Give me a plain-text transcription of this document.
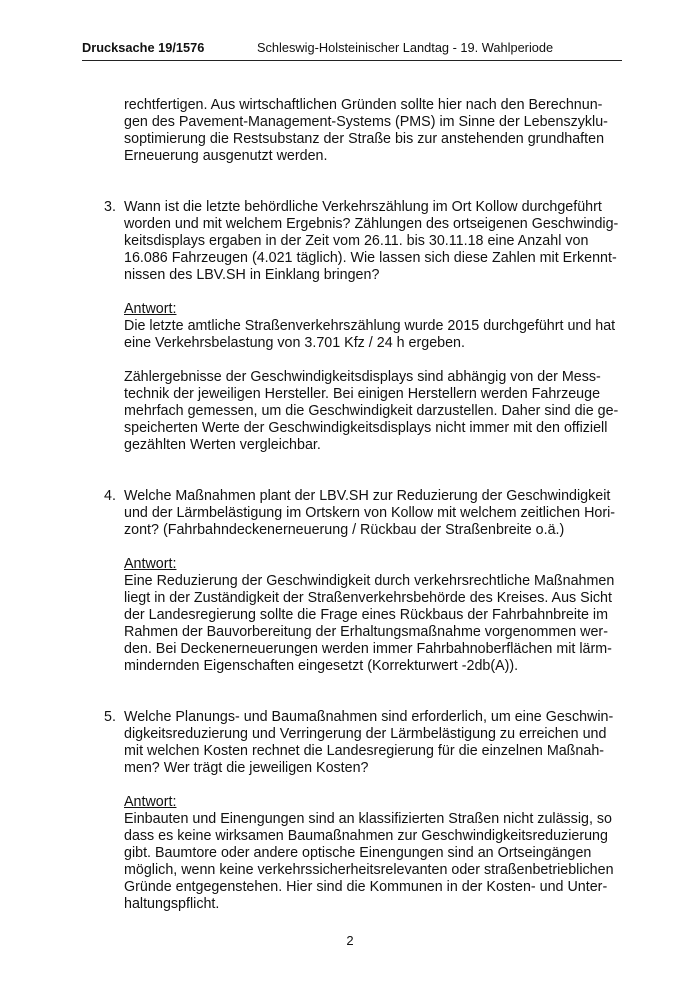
Drucksache 19/1576	Schleswig-Holsteinischer Landtag - 19. Wahlperiode

rechtfertigen. Aus wirtschaftlichen Gründen sollte hier nach den Berechnun-
gen des Pavement-Management-Systems (PMS) im Sinne der Lebenszyklu-
soptimierung die Restsubstanz der Straße bis zur anstehenden grundhaften
Erneuerung ausgenutzt werden.

3. Wann ist die letzte behördliche Verkehrszählung im Ort Kollow durchgeführt
worden und mit welchem Ergebnis? Zählungen des ortseigenen Geschwindig-
keitsdisplays ergaben in der Zeit vom 26.11. bis 30.11.18 eine Anzahl von
16.086 Fahrzeugen (4.021 täglich). Wie lassen sich diese Zahlen mit Erkennt-
nissen des LBV.SH in Einklang bringen?

Antwort:

Die letzte amtliche Straßenverkehrszählung wurde 2015 durchgeführt und hat
eine Verkehrsbelastung von 3.701 Kfz / 24 h ergeben.

Zählergebnisse der Geschwindigkeitsdisplays sind abhängig von der Mess-
technik der jeweiligen Hersteller. Bei einigen Herstellern werden Fahrzeuge
mehrfach gemessen, um die Geschwindigkeit darzustellen. Daher sind die ge-
speicherten Werte der Geschwindigkeitsdisplays nicht immer mit den offiziell
gezählten Werten vergleichbar.

4. Welche Maßnahmen plant der LBV.SH zur Reduzierung der Geschwindigkeit
und der Lärmbelästigung im Ortskern von Kollow mit welchem zeitlichen Hori-
zont? (Fahrbahndeckenerneuerung / Rückbau der Straßenbreite o.ä.)

Antwort:

Eine Reduzierung der Geschwindigkeit durch verkehrsrechtliche Maßnahmen
liegt in der Zuständigkeit der Straßenverkehrsbehörde des Kreises. Aus Sicht
der Landesregierung sollte die Frage eines Rückbaus der Fahrbahnbreite im
Rahmen der Bauvorbereitung der Erhaltungsmaßnahme vorgenommen wer-
den. Bei Deckenerneuerungen werden immer Fahrbahnoberflächen mit lärm-
mindernden Eigenschaften eingesetzt (Korrekturwert -2db(A)).

5. Welche Planungs- und Baumaßnahmen sind erforderlich, um eine Geschwin-
digkeitsreduzierung und Verringerung der Lärmbelästigung zu erreichen und
mit welchen Kosten rechnet die Landesregierung für die einzelnen Maßnah-
men? Wer trägt die jeweiligen Kosten?

Antwort:

Einbauten und Einengungen sind an klassifizierten Straßen nicht zulässig, so
dass es keine wirksamen Baumaßnahmen zur Geschwindigkeitsreduzierung
gibt. Baumtore oder andere optische Einengungen sind an Ortseingängen
möglich, wenn keine verkehrssicherheitsrelevanten oder straßenbetrieblichen
Gründe entgegenstehen. Hier sind die Kommunen in der Kosten- und Unter-
haltungspflicht.

2
